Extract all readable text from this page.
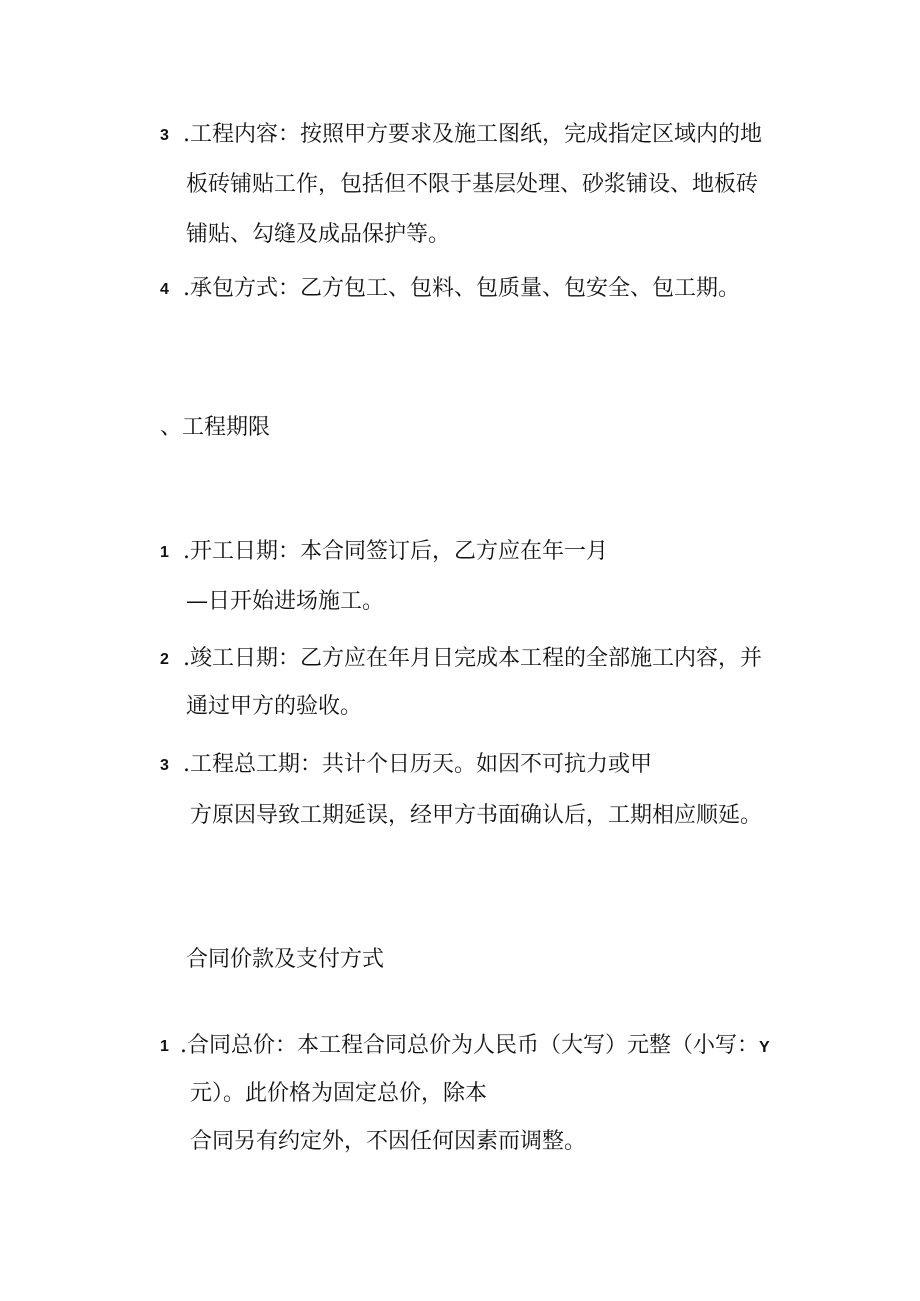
3 .工程内容：按照甲方要求及施工图纸，完成指定区域内的地
板砖铺贴工作，包括但不限于基层处理、砂浆铺设、地板砖
铺贴、勾缝及成品保护等。
4 .承包方式：乙方包工、包料、包质量、包安全、包工期。
、工程期限
1 .开工日期：本合同签订后，乙方应在年一月
—日开始进场施工。
2 .竣工日期：乙方应在年月日完成本工程的全部施工内容，并
通过甲方的验收。
3 .工程总工期：共计个日历天。如因不可抗力或甲
方原因导致工期延误，经甲方书面确认后，工期相应顺延。
合同价款及支付方式
1 .合同总价：本工程合同总价为人民币（大写）元整（小写：Y
元）。此价格为固定总价，除本
合同另有约定外，不因任何因素而调整。
